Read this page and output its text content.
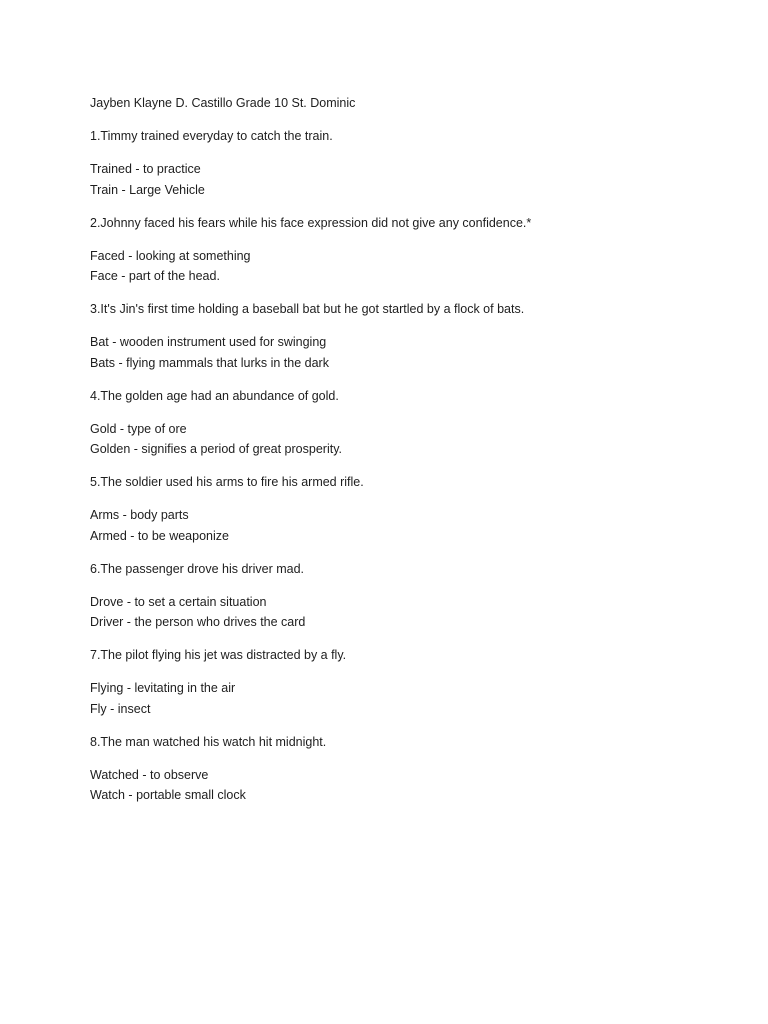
Jayben Klayne D. Castillo Grade 10 St. Dominic

1.Timmy trained everyday to catch the train.

Trained - to practice

Train - Large Vehicle

2.Johnny faced his fears while his face expression did not give any confidence.*

Faced - looking at something

Face - part of the head.

3.It's Jin's first time holding a baseball bat but he got startled by a flock of bats.

Bat - wooden instrument used for swinging

Bats - flying mammals that lurks in the dark

4.The golden age had an abundance of gold.

Gold - type of ore

Golden - signifies a period of great prosperity.

5.The soldier used his arms to fire his armed rifle.

Arms - body parts

Armed - to be weaponize

6.The passenger drove his driver mad.

Drove - to set a certain situation

Driver - the person who drives the card

7.The pilot flying his jet was distracted by a fly.

Flying - levitating in the air

Fly - insect

8.The man watched his watch hit midnight.

Watched - to observe

Watch - portable small clock
